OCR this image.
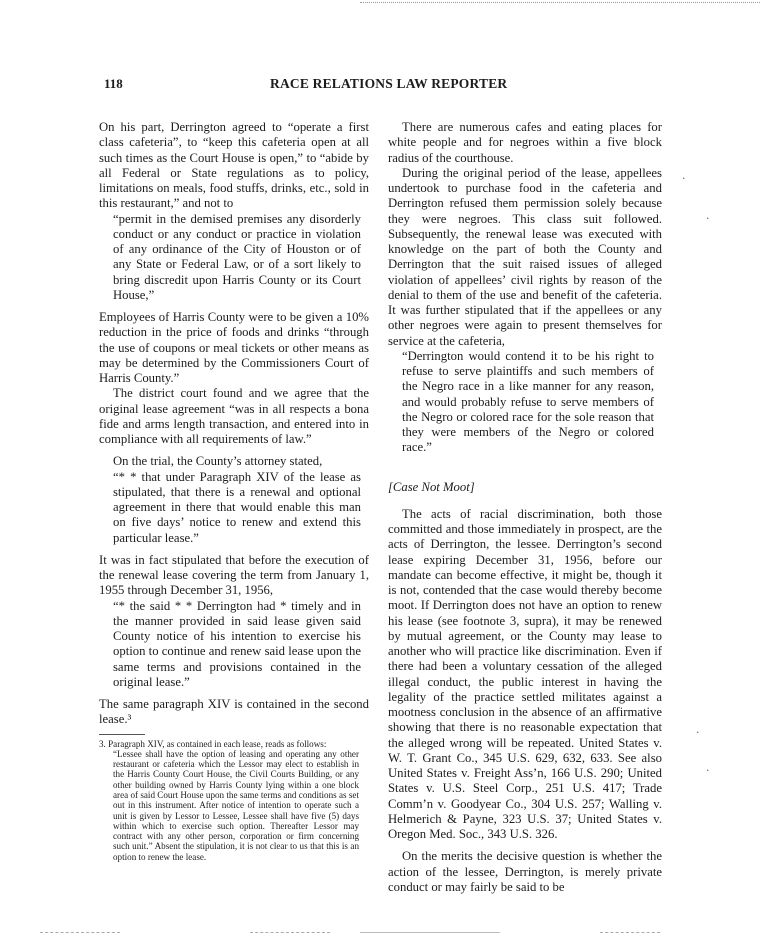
118	RACE RELATIONS LAW REPORTER

On his part, Derrington agreed to “operate a first class cafeteria”, to “keep this cafeteria open at all such times as the Court House is open,” to “abide by all Federal or State regulations as to policy, limitations on meals, food stuffs, drinks, etc., sold in this restaurant,” and not to

“permit in the demised premises any disorderly conduct or any conduct or practice in violation of any ordinance of the City of Houston or of any State or Federal Law, or of a sort likely to bring discredit upon Harris County or its Court House,”

Employees of Harris County were to be given a 10% reduction in the price of foods and drinks “through the use of coupons or meal tickets or other means as may be determined by the Commissioners Court of Harris County.”

The district court found and we agree that the original lease agreement “was in all respects a bona fide and arms length transaction, and entered into in compliance with all requirements of law.”

On the trial, the County’s attorney stated,

“* * that under Paragraph XIV of the lease as stipulated, that there is a renewal and optional agreement in there that would enable this man on five days’ notice to renew and extend this particular lease.”

It was in fact stipulated that before the execution of the renewal lease covering the term from January 1, 1955 through December 31, 1956,

“* the said * * Derrington had * timely and in the manner provided in said lease given said County notice of his intention to exercise his option to continue and renew said lease upon the same terms and provisions contained in the original lease.”

The same paragraph XIV is contained in the second lease.³

3. Paragraph XIV, as contained in each lease, reads as follows:

“Lessee shall have the option of leasing and operating any other restaurant or cafeteria which the Lessor may elect to establish in the Harris County Court House, the Civil Courts Building, or any other building owned by Harris County lying within a one block area of said Court House upon the same terms and conditions as set out in this instrument. After notice of intention to operate such a unit is given by Lessor to Lessee, Lessee shall have five (5) days within which to exercise such option. Thereafter Lessor may contract with any other person, corporation or firm concerning such unit.” Absent the stipulation, it is not clear to us that this is an option to renew the lease.

There are numerous cafes and eating places for white people and for negroes within a five block radius of the courthouse.

During the original period of the lease, appellees undertook to purchase food in the cafeteria and Derrington refused them permission solely because they were negroes. This class suit followed. Subsequently, the renewal lease was executed with knowledge on the part of both the County and Derrington that the suit raised issues of alleged violation of appellees’ civil rights by reason of the denial to them of the use and benefit of the cafeteria. It was further stipulated that if the appellees or any other negroes were again to present themselves for service at the cafeteria,

“Derrington would contend it to be his right to refuse to serve plaintiffs and such members of the Negro race in a like manner for any reason, and would probably refuse to serve members of the Negro or colored race for the sole reason that they were members of the Negro or colored race.”

[Case Not Moot]

The acts of racial discrimination, both those committed and those immediately in prospect, are the acts of Derrington, the lessee. Derrington’s second lease expiring December 31, 1956, before our mandate can become effective, it might be, though it is not, contended that the case would thereby become moot. If Derrington does not have an option to renew his lease (see footnote 3, supra), it may be renewed by mutual agreement, or the County may lease to another who will practice like discrimination. Even if there had been a voluntary cessation of the alleged illegal conduct, the public interest in having the legality of the practice settled militates against a mootness conclusion in the absence of an affirmative showing that there is no reasonable expectation that the alleged wrong will be repeated. United States v. W. T. Grant Co., 345 U.S. 629, 632, 633. See also United States v. Freight Ass’n, 166 U.S. 290; United States v. U.S. Steel Corp., 251 U.S. 417; Trade Comm’n v. Goodyear Co., 304 U.S. 257; Walling v. Helmerich & Payne, 323 U.S. 37; United States v. Oregon Med. Soc., 343 U.S. 326.

On the merits the decisive question is whether the action of the lessee, Derrington, is merely private conduct or may fairly be said to be

·
·
·
·
